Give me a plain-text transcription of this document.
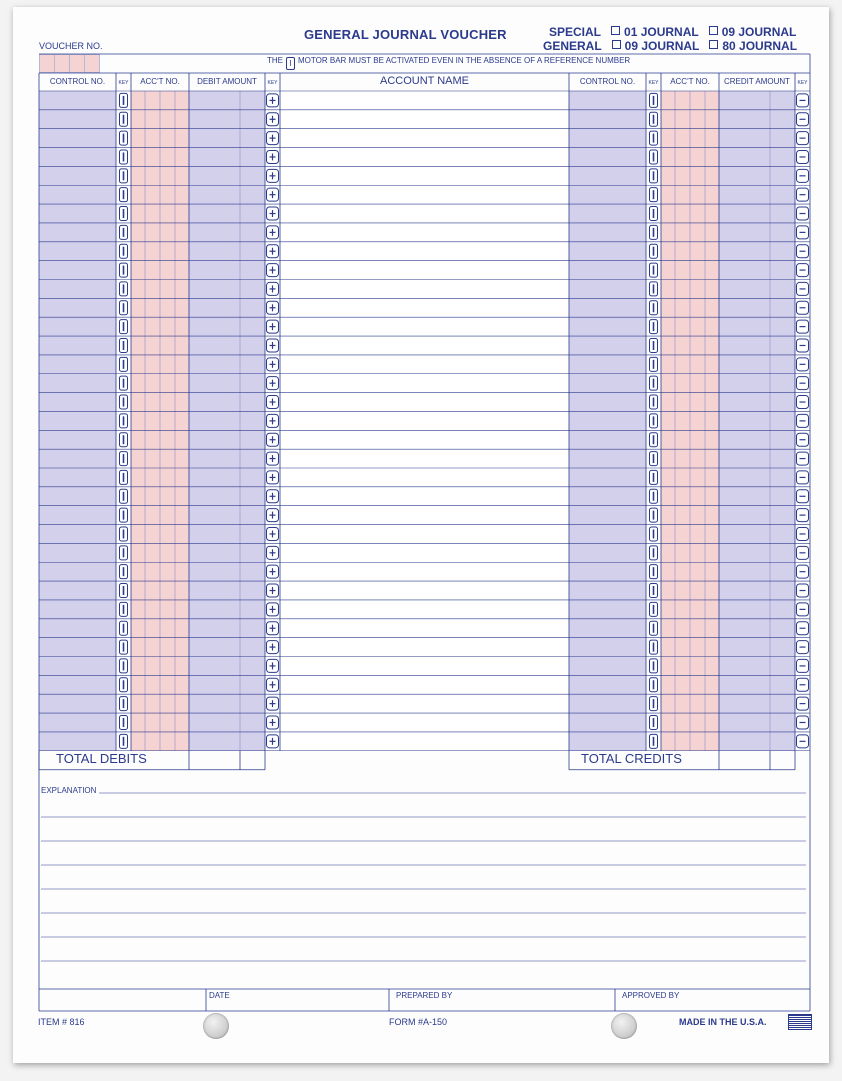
GENERAL JOURNAL VOUCHER	SPECIAL 01 JOURNAL 09 JOURNAL
GENERAL 09 JOURNAL 80 JOURNAL
VOUCHER NO.
THE I MOTOR BAR MUST BE ACTIVATED EVEN IN THE ABSENCE OF A REFERENCE NUMBER
CONTROL NO.	KEY	ACC'T NO.	DEBIT AMOUNT	KEY	ACCOUNT NAME	CONTROL NO.	KEY	ACC'T NO.	CREDIT AMOUNT	KEY
TOTAL DEBITS	TOTAL CREDITS
EXPLANATION
DATE	PREPARED BY	APPROVED BY
ITEM # 816	FORM #A-150	MADE IN THE U.S.A.
